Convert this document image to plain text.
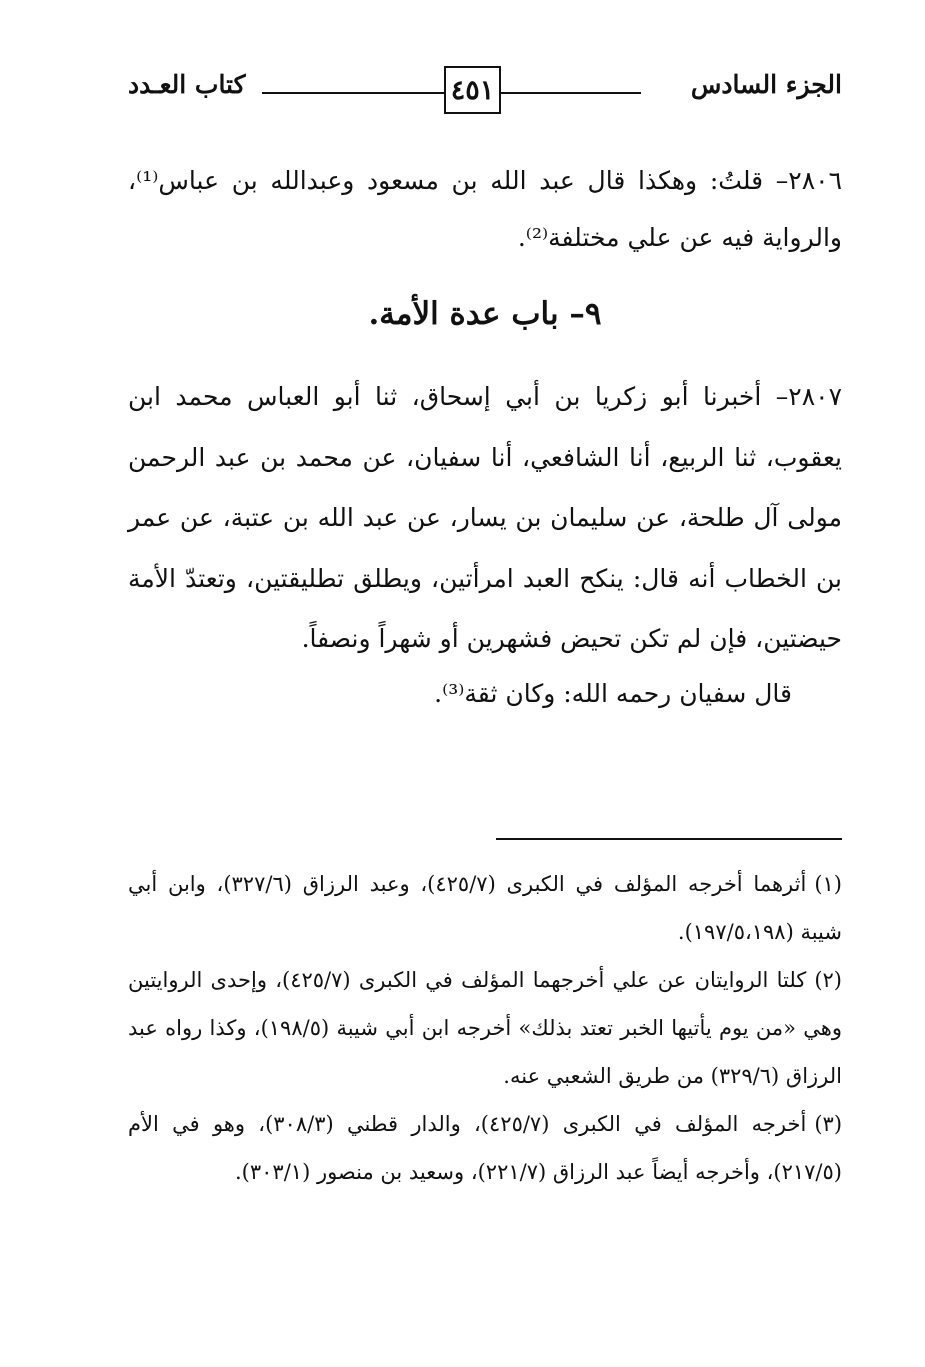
الجزء السادس
٤٥١
كتاب العـدد

٢٨٠٦– قلتُ: وهكذا قال عبد الله بن مسعود وعبدالله بن عباس⁽¹⁾، والرواية فيه عن علي مختلفة⁽²⁾.

٩– باب عدة الأمة.

٢٨٠٧– أخبرنا أبو زكريا بن أبي إسحاق، ثنا أبو العباس محمد ابن يعقوب، ثنا الربيع، أنا الشافعي، أنا سفيان، عن محمد بن عبد الرحمن مولى آل طلحة، عن سليمان بن يسار، عن عبد الله بن عتبة، عن عمر بن الخطاب أنه قال: ينكح العبد امرأتين، ويطلق تطليقتين، وتعتدّ الأمة حيضتين، فإن لم تكن تحيض فشهرين أو شهراً ونصفاً.

قال سفيان رحمه الله: وكان ثقة⁽³⁾.

(١)أثرهما أخرجه المؤلف في الكبرى (٤٢٥/٧)، وعبد الرزاق (٣٢٧/٦)، وابن أبي شيبة (١٩٧/٥،١٩٨).

(٢)كلتا الروايتان عن علي أخرجهما المؤلف في الكبرى (٤٢٥/٧)، وإحدى الروايتين وهي «من يوم يأتيها الخبر تعتد بذلك» أخرجه ابن أبي شيبة (١٩٨/٥)، وكذا رواه عبد الرزاق (٣٢٩/٦) من طريق الشعبي عنه.

(٣)أخرجه المؤلف في الكبرى (٤٢٥/٧)، والدار قطني (٣٠٨/٣)، وهو في الأم (٢١٧/٥)، وأخرجه أيضاً عبد الرزاق (٢٢١/٧)، وسعيد بن منصور (٣٠٣/١).
